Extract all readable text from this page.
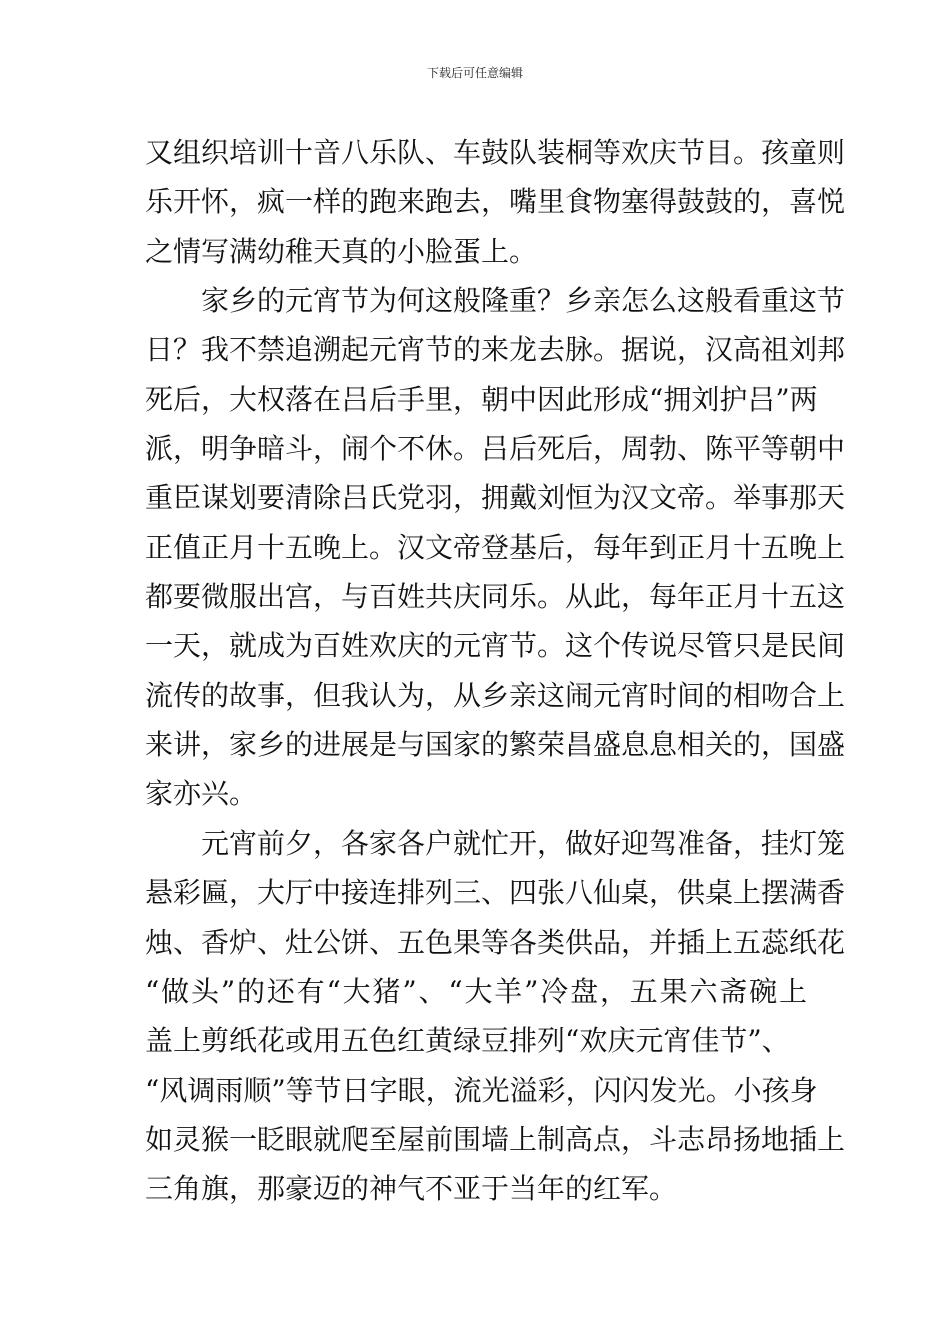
下载后可任意编辑
又组织培训十音八乐队、车鼓队装桐等欢庆节目。孩童则
乐开怀，疯一样的跑来跑去，嘴里食物塞得鼓鼓的，喜悦
之情写满幼稚天真的小脸蛋上。
家乡的元宵节为何这般隆重？乡亲怎么这般看重这节
日？我不禁追溯起元宵节的来龙去脉。据说，汉高祖刘邦
死后，大权落在吕后手里，朝中因此形成“拥刘护吕”两
派，明争暗斗，闹个不休。吕后死后，周勃、陈平等朝中
重臣谋划要清除吕氏党羽，拥戴刘恒为汉文帝。举事那天
正值正月十五晚上。汉文帝登基后，每年到正月十五晚上
都要微服出宫，与百姓共庆同乐。从此，每年正月十五这
一天，就成为百姓欢庆的元宵节。这个传说尽管只是民间
流传的故事，但我认为，从乡亲这闹元宵时间的相吻合上
来讲，家乡的进展是与国家的繁荣昌盛息息相关的，国盛
家亦兴。
元宵前夕，各家各户就忙开，做好迎驾准备，挂灯笼
悬彩匾，大厅中接连排列三、四张八仙桌，供桌上摆满香
烛、香炉、灶公饼、五色果等各类供品，并插上五蕊纸花
“做头”的还有“大猪”、“大羊”冷盘，五果六斋碗上
盖上剪纸花或用五色红黄绿豆排列“欢庆元宵佳节”、
“风调雨顺”等节日字眼，流光溢彩，闪闪发光。小孩身
如灵猴一眨眼就爬至屋前围墙上制高点，斗志昂扬地插上
三角旗，那豪迈的神气不亚于当年的红军。
